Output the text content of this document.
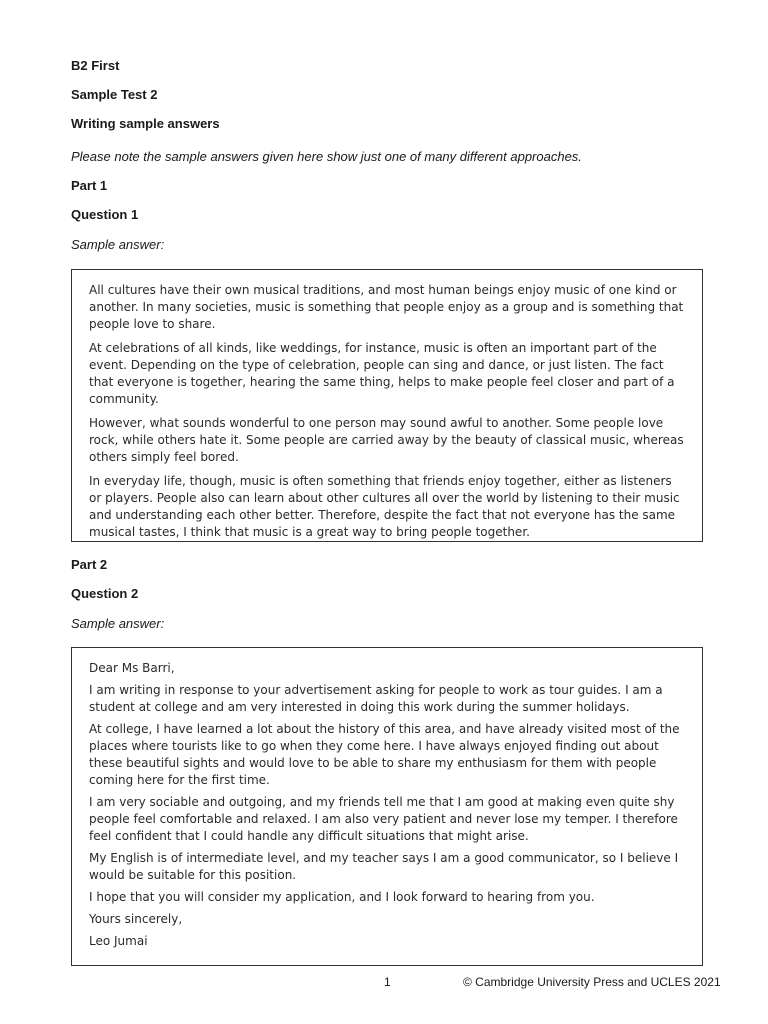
B2 First
Sample Test 2
Writing sample answers

Please note the sample answers given here show just one of many different approaches.

Part 1
Question 1

Sample answer:

All cultures have their own musical traditions, and most human beings enjoy music of one kind or another. In many societies, music is something that people enjoy as a group and is something that people love to share.

At celebrations of all kinds, like weddings, for instance, music is often an important part of the event. Depending on the type of celebration, people can sing and dance, or just listen. The fact that everyone is together, hearing the same thing, helps to make people feel closer and part of a community.

However, what sounds wonderful to one person may sound awful to another. Some people love rock, while others hate it. Some people are carried away by the beauty of classical music, whereas others simply feel bored.

In everyday life, though, music is often something that friends enjoy together, either as listeners or players. People also can learn about other cultures all over the world by listening to their music and understanding each other better. Therefore, despite the fact that not everyone has the same musical tastes, I think that music is a great way to bring people together.

Part 2
Question 2

Sample answer:

Dear Ms Barri,

I am writing in response to your advertisement asking for people to work as tour guides. I am a student at college and am very interested in doing this work during the summer holidays.

At college, I have learned a lot about the history of this area, and have already visited most of the places where tourists like to go when they come here. I have always enjoyed finding out about these beautiful sights and would love to be able to share my enthusiasm for them with people coming here for the first time.

I am very sociable and outgoing, and my friends tell me that I am good at making even quite shy people feel comfortable and relaxed. I am also very patient and never lose my temper. I therefore feel confident that I could handle any difficult situations that might arise.

My English is of intermediate level, and my teacher says I am a good communicator, so I believe I would be suitable for this position.

I hope that you will consider my application, and I look forward to hearing from you.

Yours sincerely,

Leo Jumai

1	© Cambridge University Press and UCLES 2021
